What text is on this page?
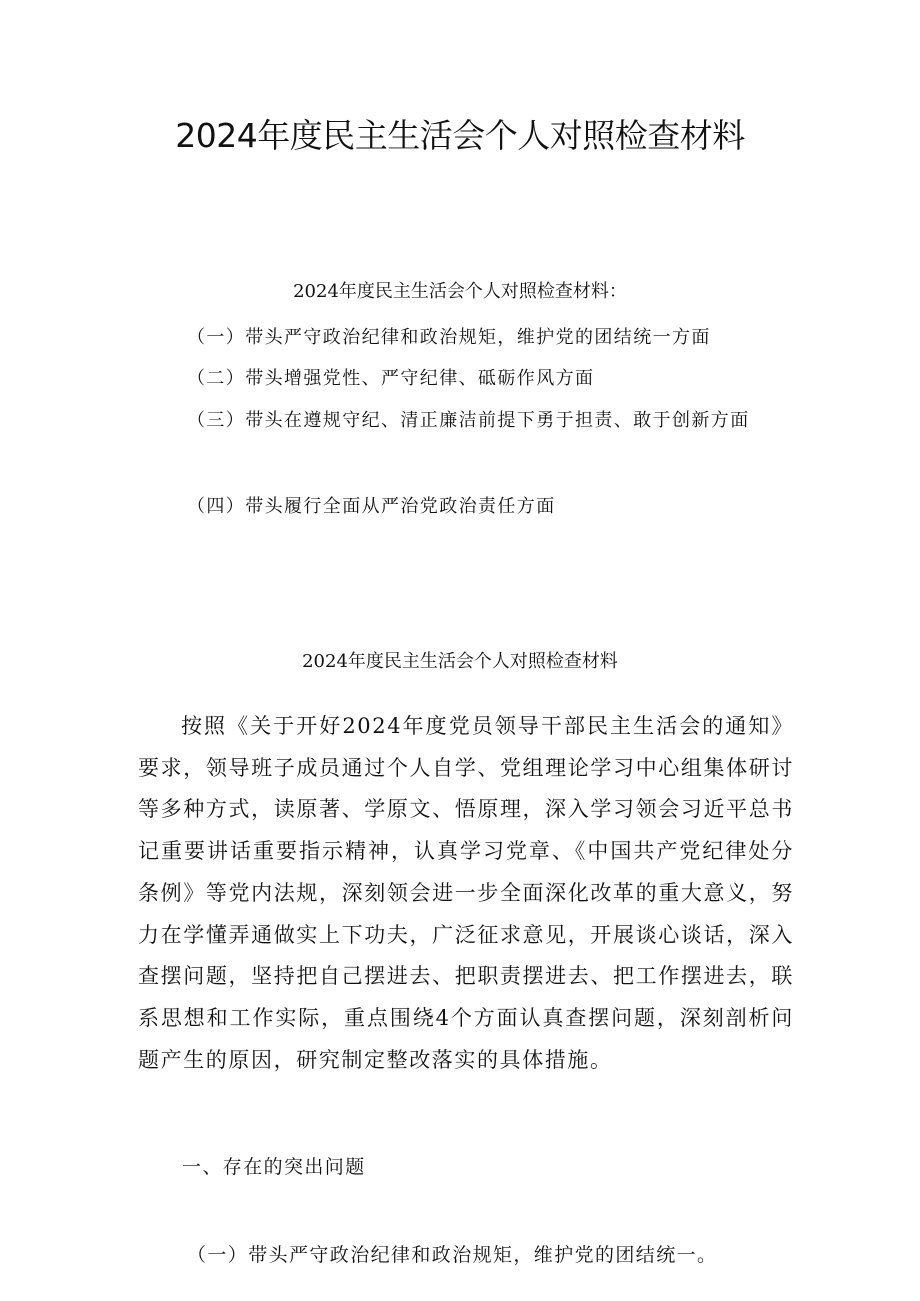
2024年度民主生活会个人对照检查材料
2024年度民主生活会个人对照检查材料：
（一）带头严守政治纪律和政治规矩，维护党的团结统一方面
（二）带头增强党性、严守纪律、砥砺作风方面
（三）带头在遵规守纪、清正廉洁前提下勇于担责、敢于创新方面
（四）带头履行全面从严治党政治责任方面
2024年度民主生活会个人对照检查材料

按照《关于开好2024年度党员领导干部民主生活会的通知》要求，领导班子成员通过个人自学、党组理论学习中心组集体研讨等多种方式，读原著、学原文、悟原理，深入学习领会习近平总书记重要讲话重要指示精神，认真学习党章、《中国共产党纪律处分条例》等党内法规，深刻领会进一步全面深化改革的重大意义，努力在学懂弄通做实上下功夫，广泛征求意见，开展谈心谈话，深入查摆问题，坚持把自己摆进去、把职责摆进去、把工作摆进去，联系思想和工作实际，重点围绕4个方面认真查摆问题，深刻剖析问题产生的原因，研究制定整改落实的具体措施。

一、存在的突出问题
（一）带头严守政治纪律和政治规矩，维护党的团结统一。
